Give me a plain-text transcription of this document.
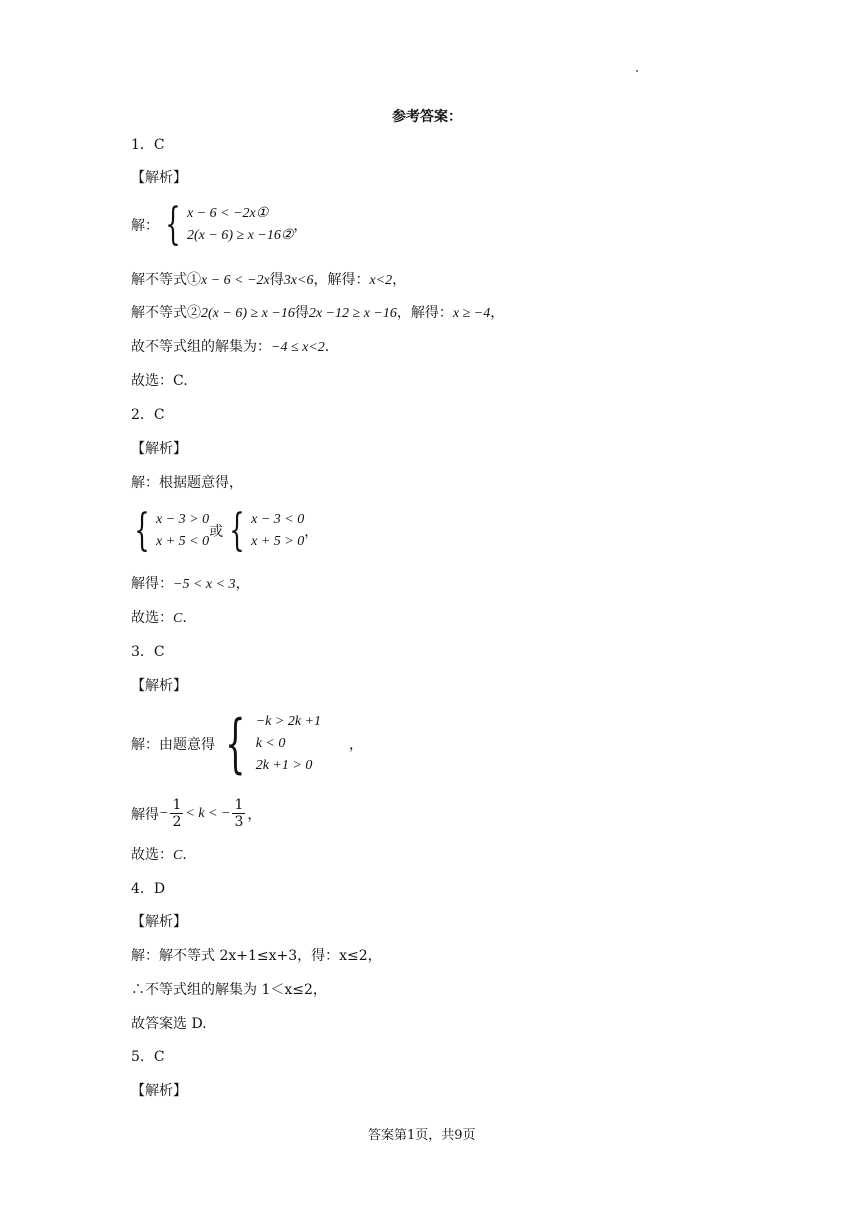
参考答案：
1．C
【解析】
解： { x − 6 < −2x①
2(x − 6) ≥ x −16②
，
解不等式①x − 6 < −2x得3x<6，解得：x<2，
解不等式②2(x − 6) ≥ x −16得2x −12 ≥ x −16，解得：x ≥ −4，
故不等式组的解集为：−4 ≤ x<2.
故选：C.
2．C
【解析】
解：根据题意得，
{ x − 3 > 0
x + 5 < 0
或 { x − 3 < 0
x + 5 > 0
，
解得：−5 < x < 3，
故选：C.
3．C
【解析】
解：由题意得 { −k > 2k +1
k < 0
2k +1 > 0
，
解得 − $\frac{1}{2} < k$ < − $\frac{1}{3}$ ，
故选：C.
4．D
【解析】
解：解不等式 2x+1≤x+3，得：x≤2，
∴不等式组的解集为 1＜x≤2，
故答案选 D.
5．C
【解析】
答案第1页，共9页
